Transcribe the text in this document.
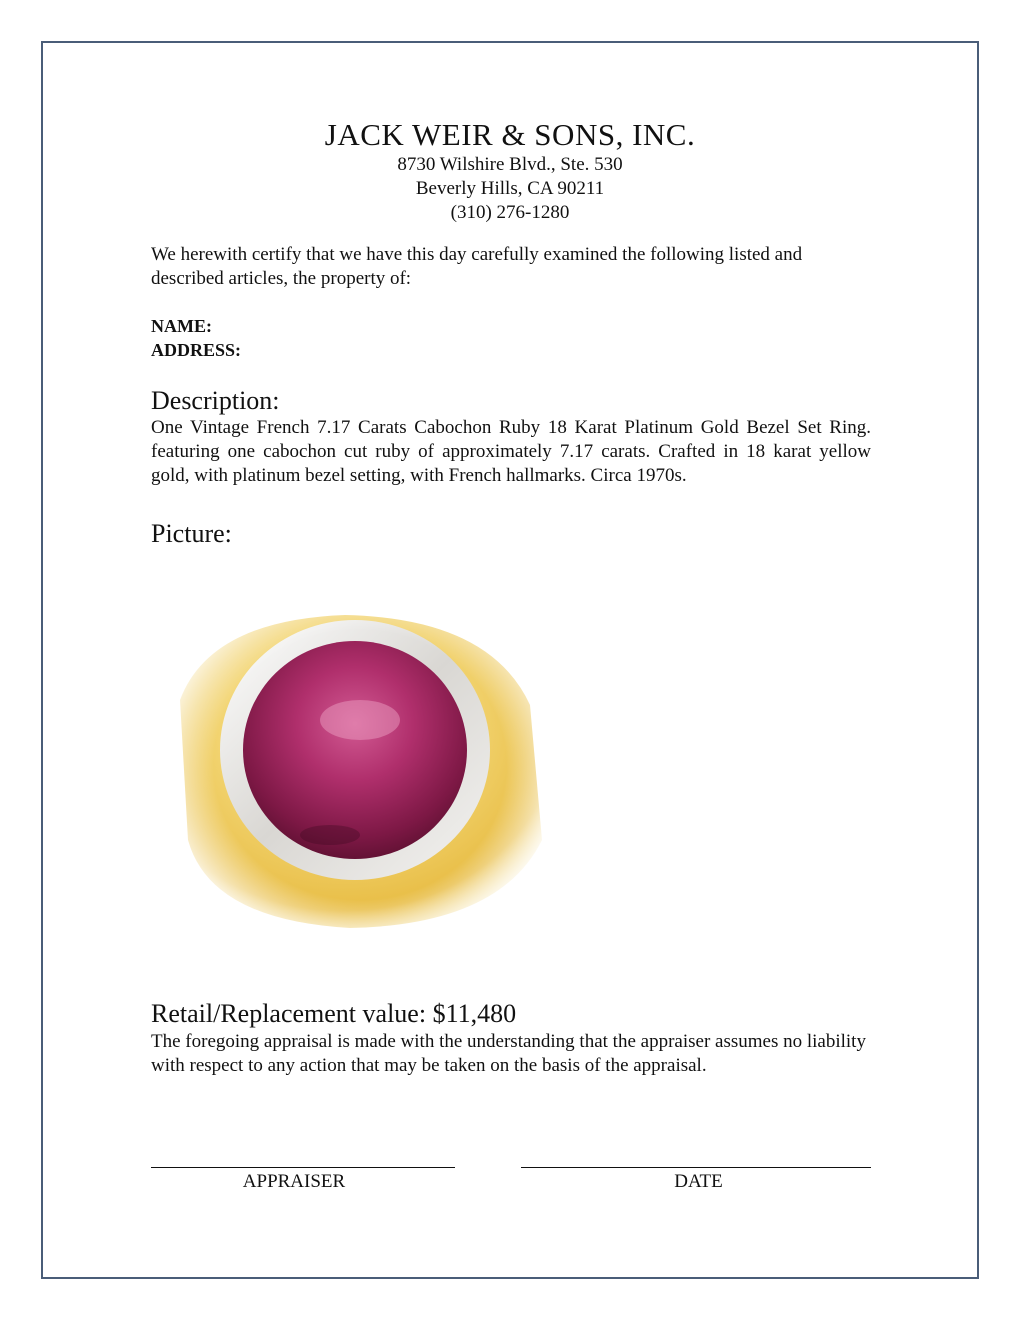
JACK WEIR & SONS, INC.
8730 Wilshire Blvd., Ste. 530
Beverly Hills, CA 90211
(310) 276-1280
We herewith certify that we have this day carefully examined the following listed and described articles, the property of:
NAME:
ADDRESS:
Description:
One Vintage French 7.17 Carats Cabochon Ruby 18 Karat Platinum Gold Bezel Set Ring. featuring one cabochon cut ruby of approximately 7.17 carats. Crafted in 18 karat yellow gold, with platinum bezel setting, with French hallmarks. Circa 1970s.
Picture:
Retail/Replacement value: $11,480
The foregoing appraisal is made with the understanding that the appraiser assumes no liability with respect to any action that may be taken on the basis of the appraisal.
APPRAISER	DATE
